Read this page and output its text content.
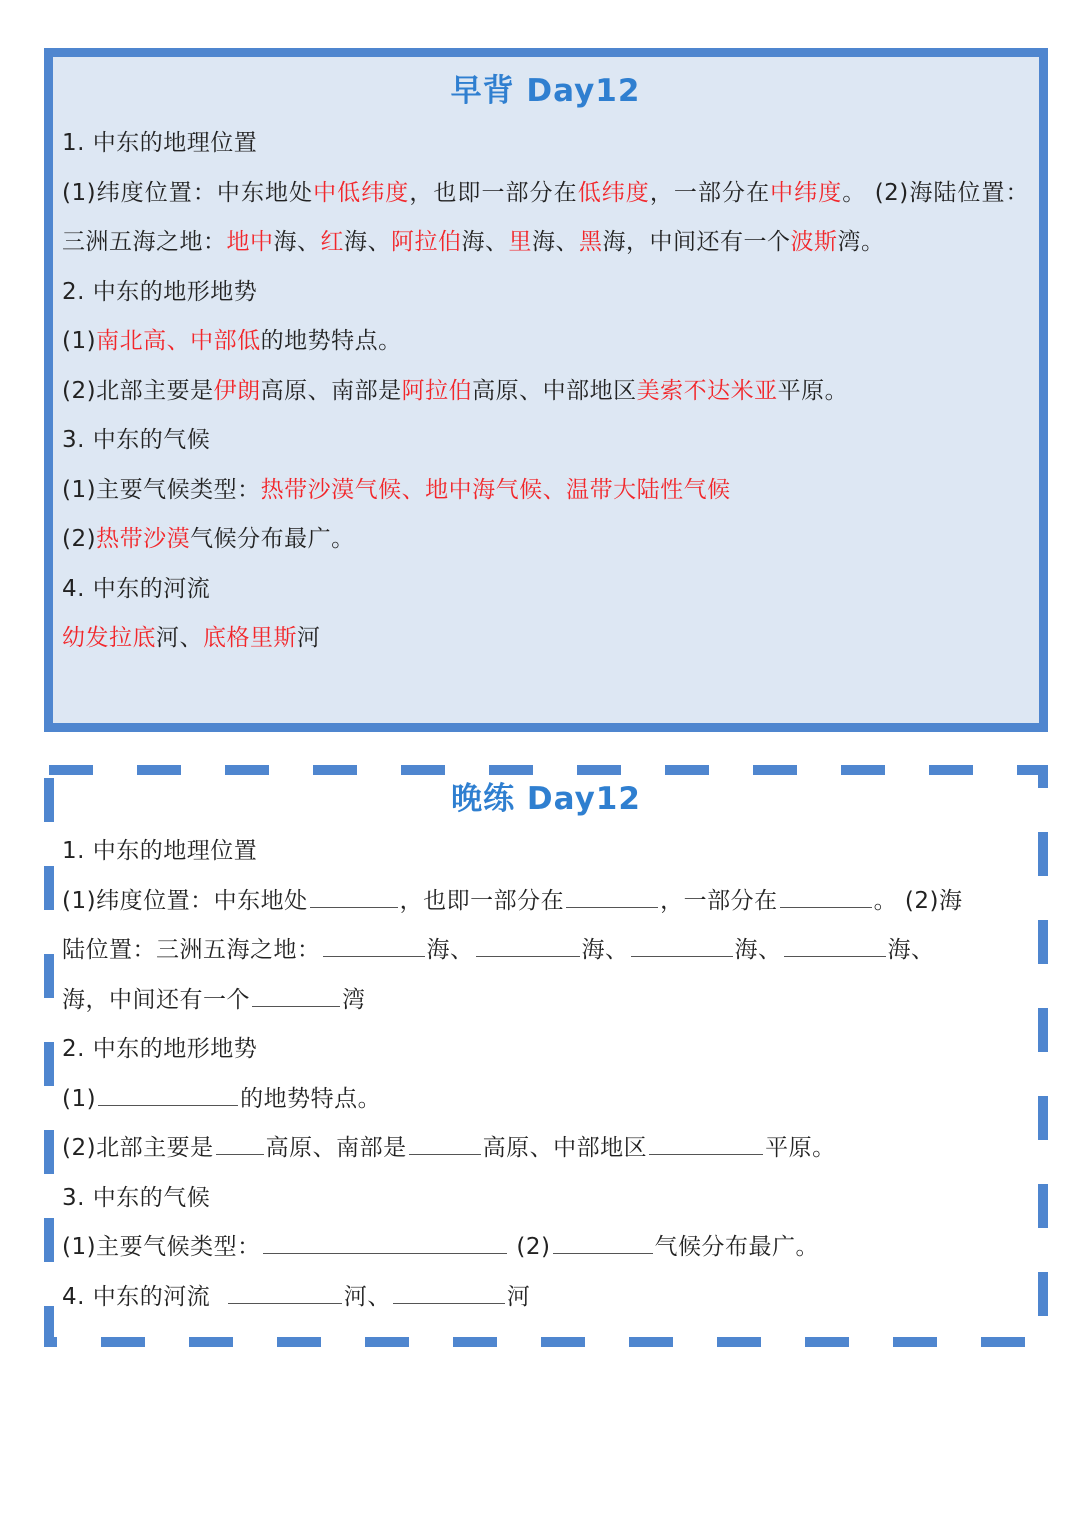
早背 Day12
1. 中东的地理位置
(1)纬度位置：中东地处中低纬度，也即一部分在低纬度，一部分在中纬度。 (2)海陆位置：三洲五海之地：地中海、红海、阿拉伯海、里海、黑海，中间还有一个波斯湾。
2. 中东的地形地势
(1)南北高、中部低的地势特点。
(2)北部主要是伊朗高原、南部是阿拉伯高原、中部地区美索不达米亚平原。
3. 中东的气候
(1)主要气候类型：热带沙漠气候、地中海气候、温带大陆性气候
(2)热带沙漠气候分布最广。
4. 中东的河流
幼发拉底河、底格里斯河
晚练 Day12
1. 中东的地理位置
(1)纬度位置：中东地处	，也即一部分在	，一部分在	。 (2)海
陆位置：三洲五海之地：	海、	海、	海、	海、
海，中间还有一个	湾
2. 中东的地形地势
(1)	的地势特点。
(2)北部主要是 高原、南部是	高原、中部地区	平原。
3. 中东的气候
(1)主要气候类型：	(2)	气候分布最广。
4. 中东的河流	河、	河
